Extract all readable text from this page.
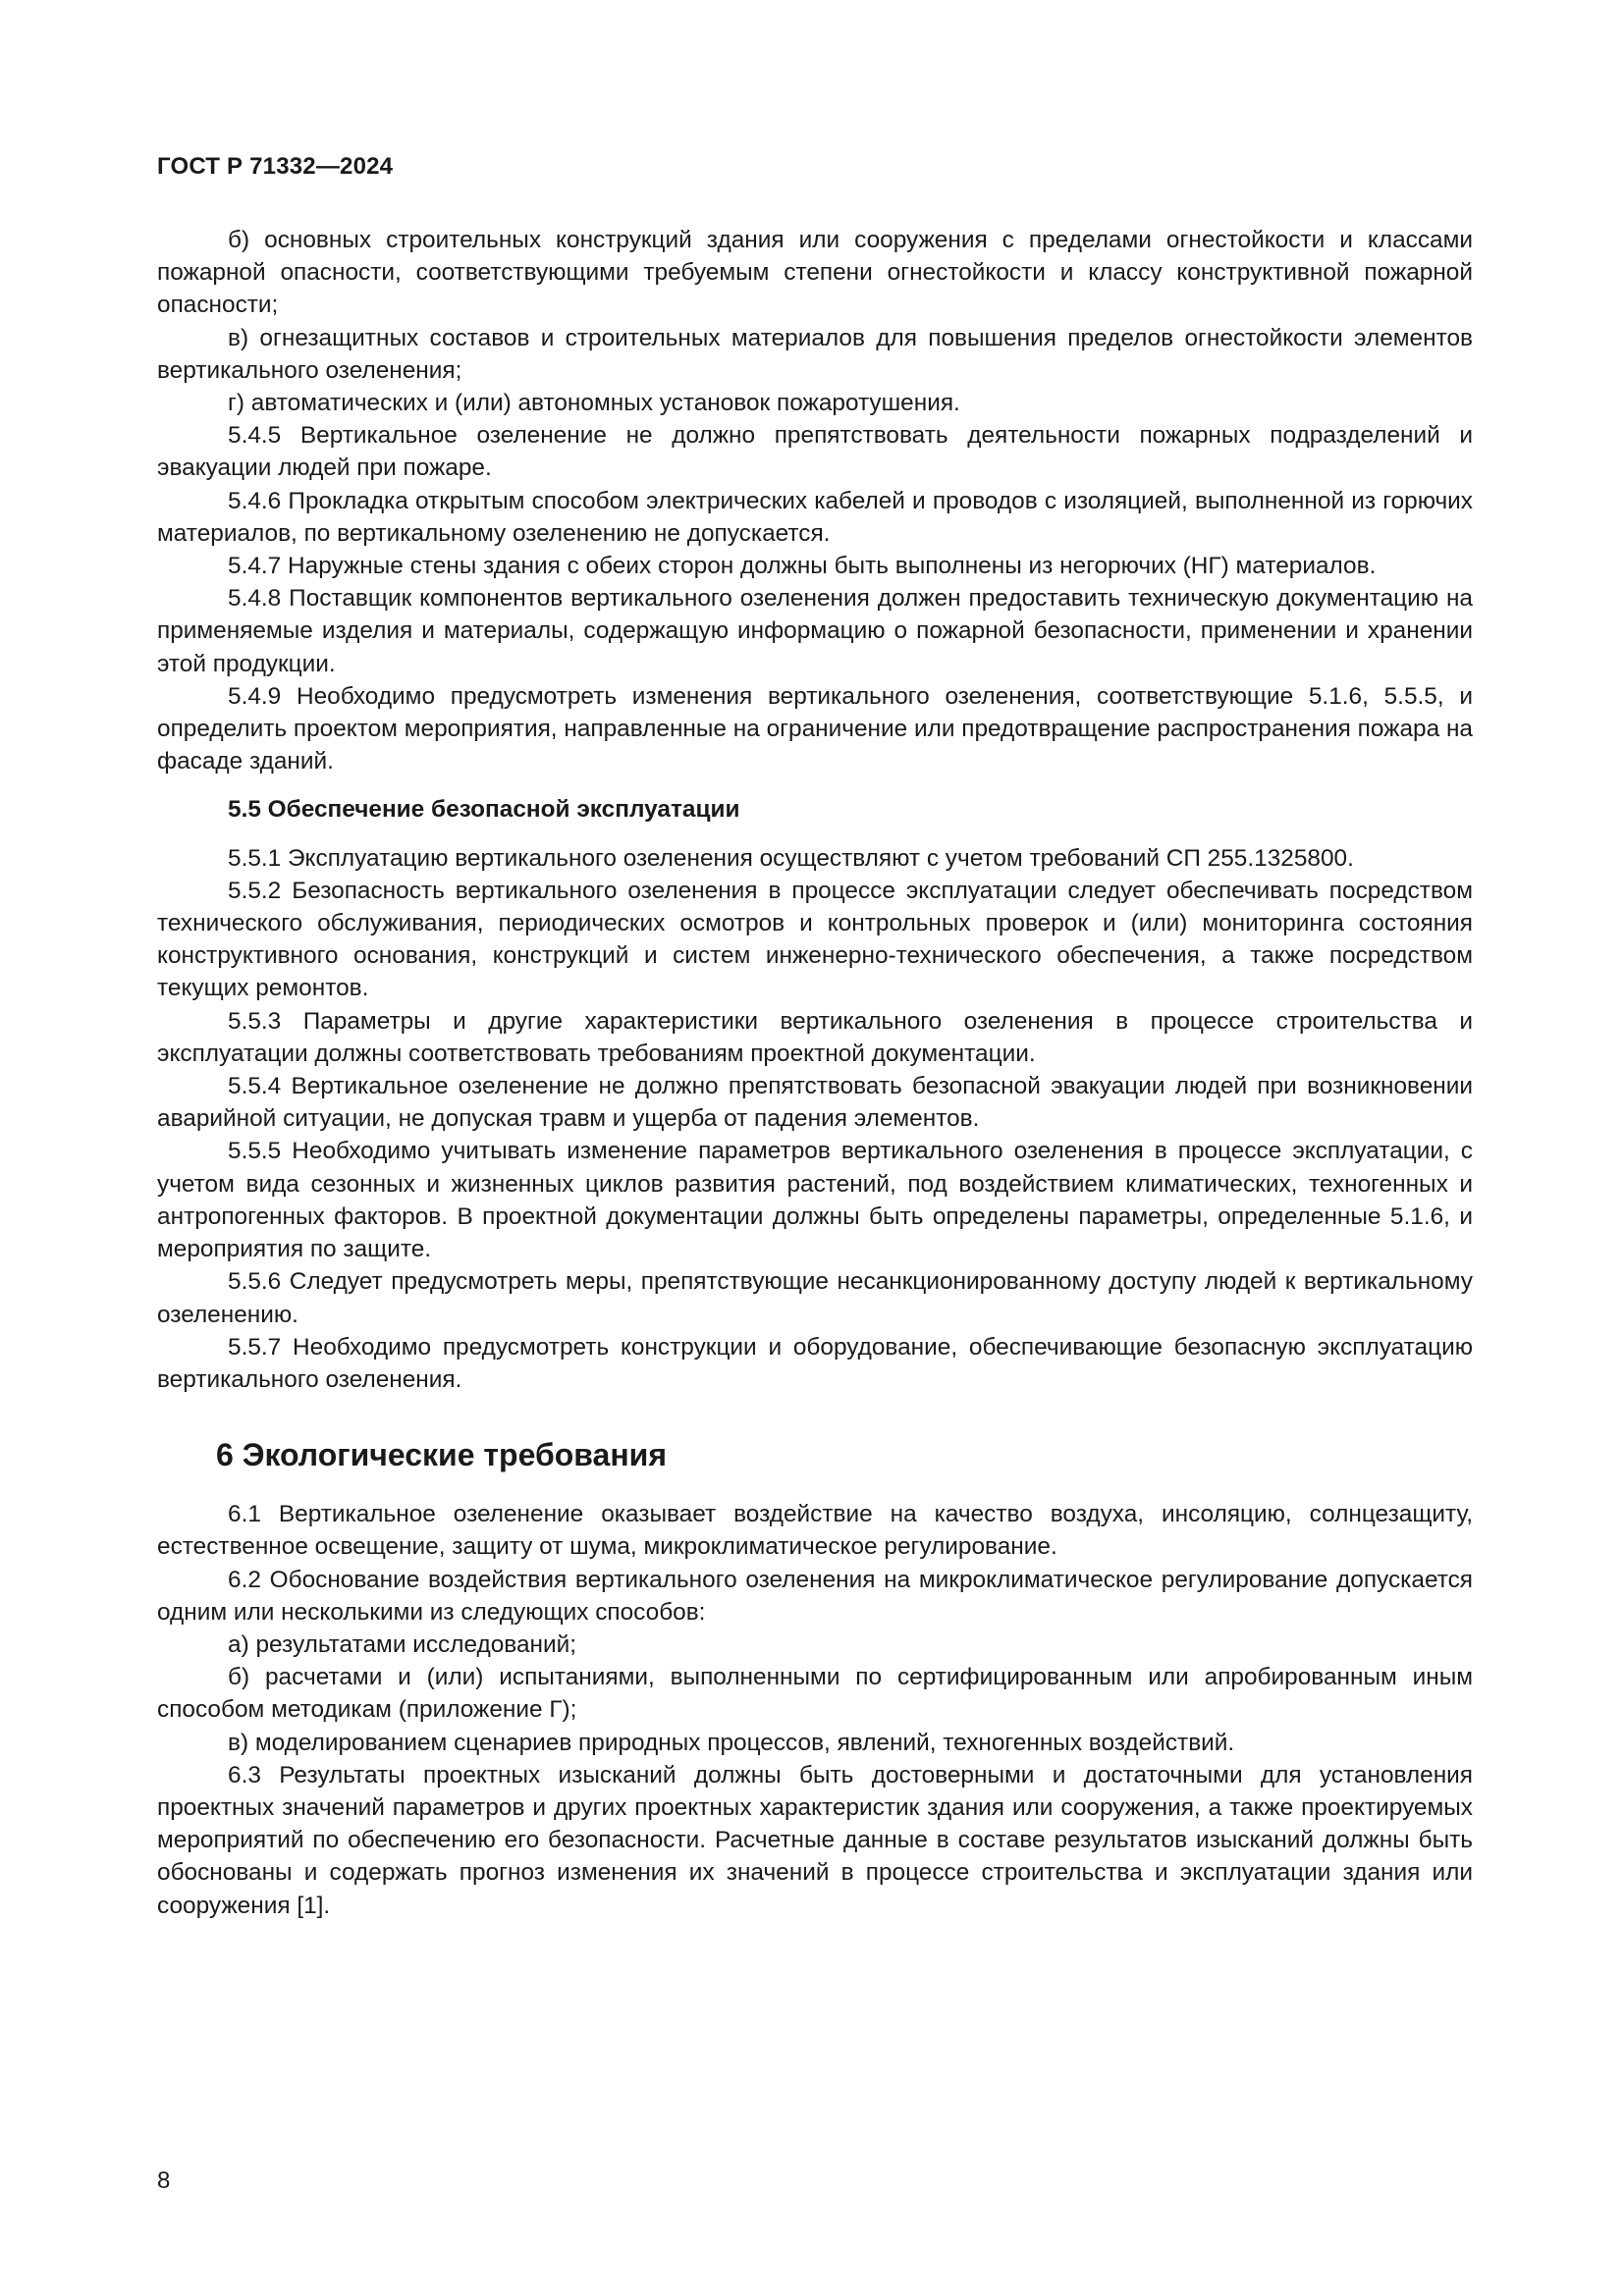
ГОСТ Р 71332—2024

б) основных строительных конструкций здания или сооружения с пределами огнестойкости и классами пожарной опасности, соответствующими требуемым степени огнестойкости и классу конструктивной пожарной опасности;

в) огнезащитных составов и строительных материалов для повышения пределов огнестойкости элементов вертикального озеленения;

г) автоматических и (или) автономных установок пожаротушения.

5.4.5 Вертикальное озеленение не должно препятствовать деятельности пожарных подразделений и эвакуации людей при пожаре.

5.4.6 Прокладка открытым способом электрических кабелей и проводов с изоляцией, выполненной из горючих материалов, по вертикальному озеленению не допускается.

5.4.7 Наружные стены здания с обеих сторон должны быть выполнены из негорючих (НГ) материалов.

5.4.8 Поставщик компонентов вертикального озеленения должен предоставить техническую документацию на применяемые изделия и материалы, содержащую информацию о пожарной безопасности, применении и хранении этой продукции.

5.4.9 Необходимо предусмотреть изменения вертикального озеленения, соответствующие 5.1.6, 5.5.5, и определить проектом мероприятия, направленные на ограничение или предотвращение распространения пожара на фасаде зданий.

5.5 Обеспечение безопасной эксплуатации

5.5.1 Эксплуатацию вертикального озеленения осуществляют с учетом требований СП 255.1325800.

5.5.2 Безопасность вертикального озеленения в процессе эксплуатации следует обеспечивать посредством технического обслуживания, периодических осмотров и контрольных проверок и (или) мониторинга состояния конструктивного основания, конструкций и систем инженерно-технического обеспечения, а также посредством текущих ремонтов.

5.5.3 Параметры и другие характеристики вертикального озеленения в процессе строительства и эксплуатации должны соответствовать требованиям проектной документации.

5.5.4 Вертикальное озеленение не должно препятствовать безопасной эвакуации людей при возникновении аварийной ситуации, не допуская травм и ущерба от падения элементов.

5.5.5 Необходимо учитывать изменение параметров вертикального озеленения в процессе эксплуатации, с учетом вида сезонных и жизненных циклов развития растений, под воздействием климатических, техногенных и антропогенных факторов. В проектной документации должны быть определены параметры, определенные 5.1.6, и мероприятия по защите.

5.5.6 Следует предусмотреть меры, препятствующие несанкционированному доступу людей к вертикальному озеленению.

5.5.7 Необходимо предусмотреть конструкции и оборудование, обеспечивающие безопасную эксплуатацию вертикального озеленения.

6 Экологические требования

6.1 Вертикальное озеленение оказывает воздействие на качество воздуха, инсоляцию, солнцезащиту, естественное освещение, защиту от шума, микроклиматическое регулирование.

6.2 Обоснование воздействия вертикального озеленения на микроклиматическое регулирование допускается одним или несколькими из следующих способов:

а) результатами исследований;

б) расчетами и (или) испытаниями, выполненными по сертифицированным или апробированным иным способом методикам (приложение Г);

в) моделированием сценариев природных процессов, явлений, техногенных воздействий.

6.3 Результаты проектных изысканий должны быть достоверными и достаточными для установления проектных значений параметров и других проектных характеристик здания или сооружения, а также проектируемых мероприятий по обеспечению его безопасности. Расчетные данные в составе результатов изысканий должны быть обоснованы и содержать прогноз изменения их значений в процессе строительства и эксплуатации здания или сооружения [1].

8
